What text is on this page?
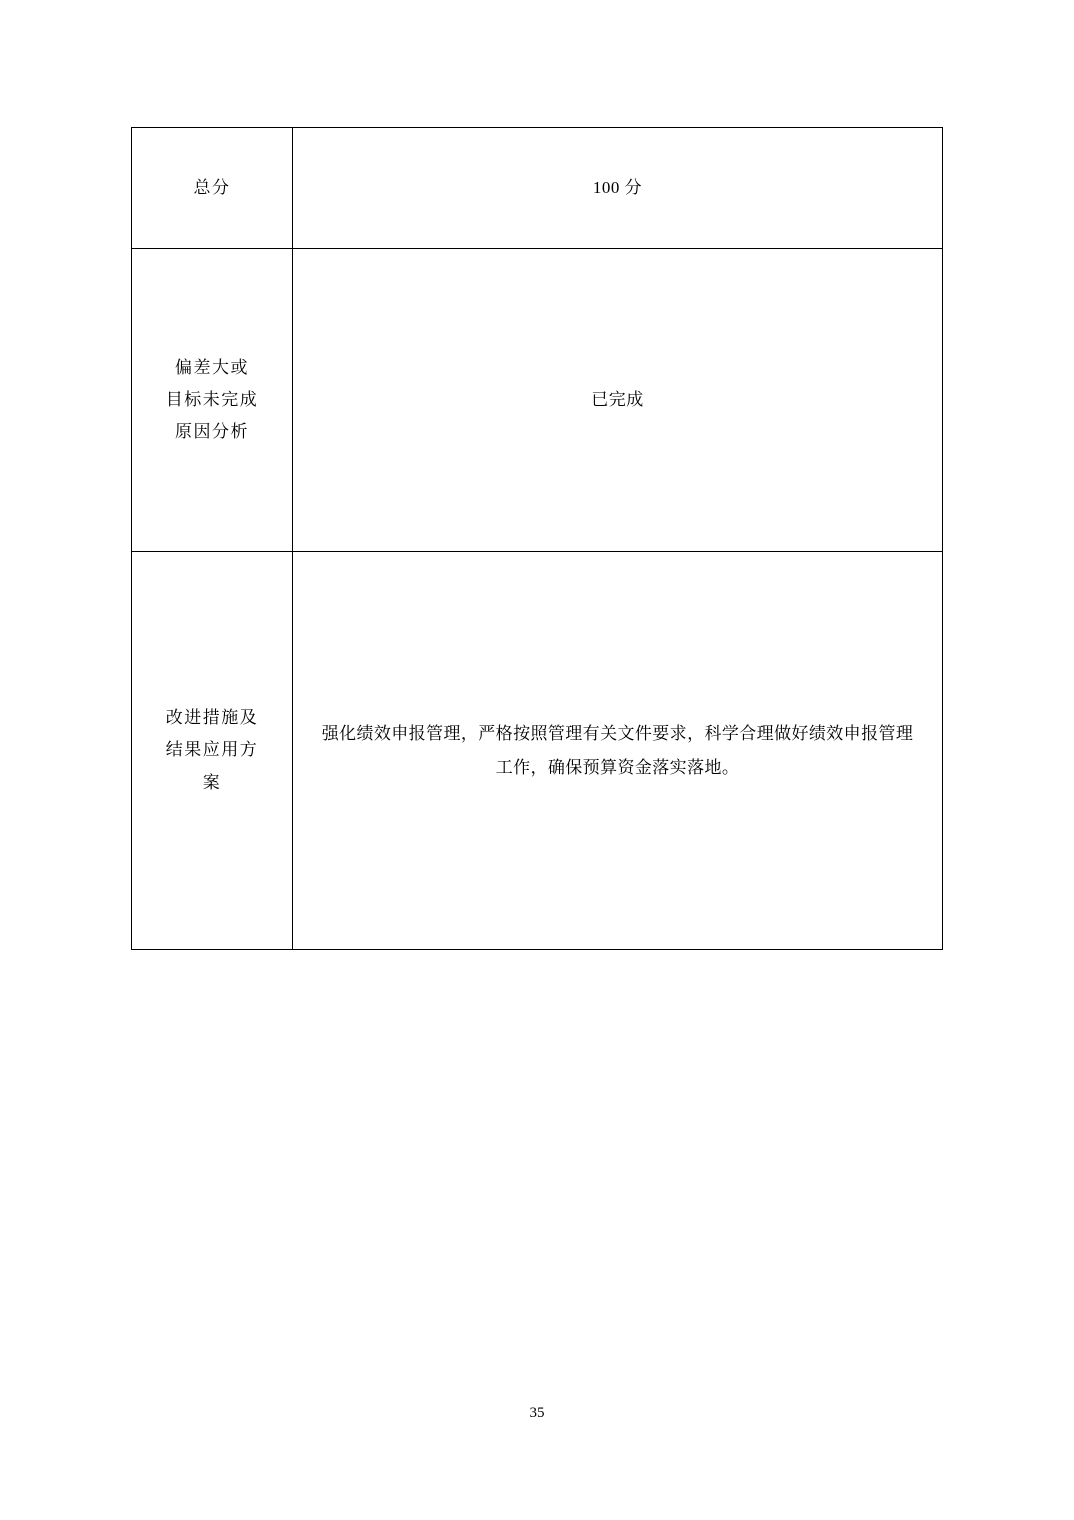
总分	100 分

偏差大或
目标未完成
原因分析	已完成

改进措施及
结果应用方
案	强化绩效申报管理，严格按照管理有关文件要求，科学合理做好绩效申报管理工作，确保预算资金落实落地。
35
